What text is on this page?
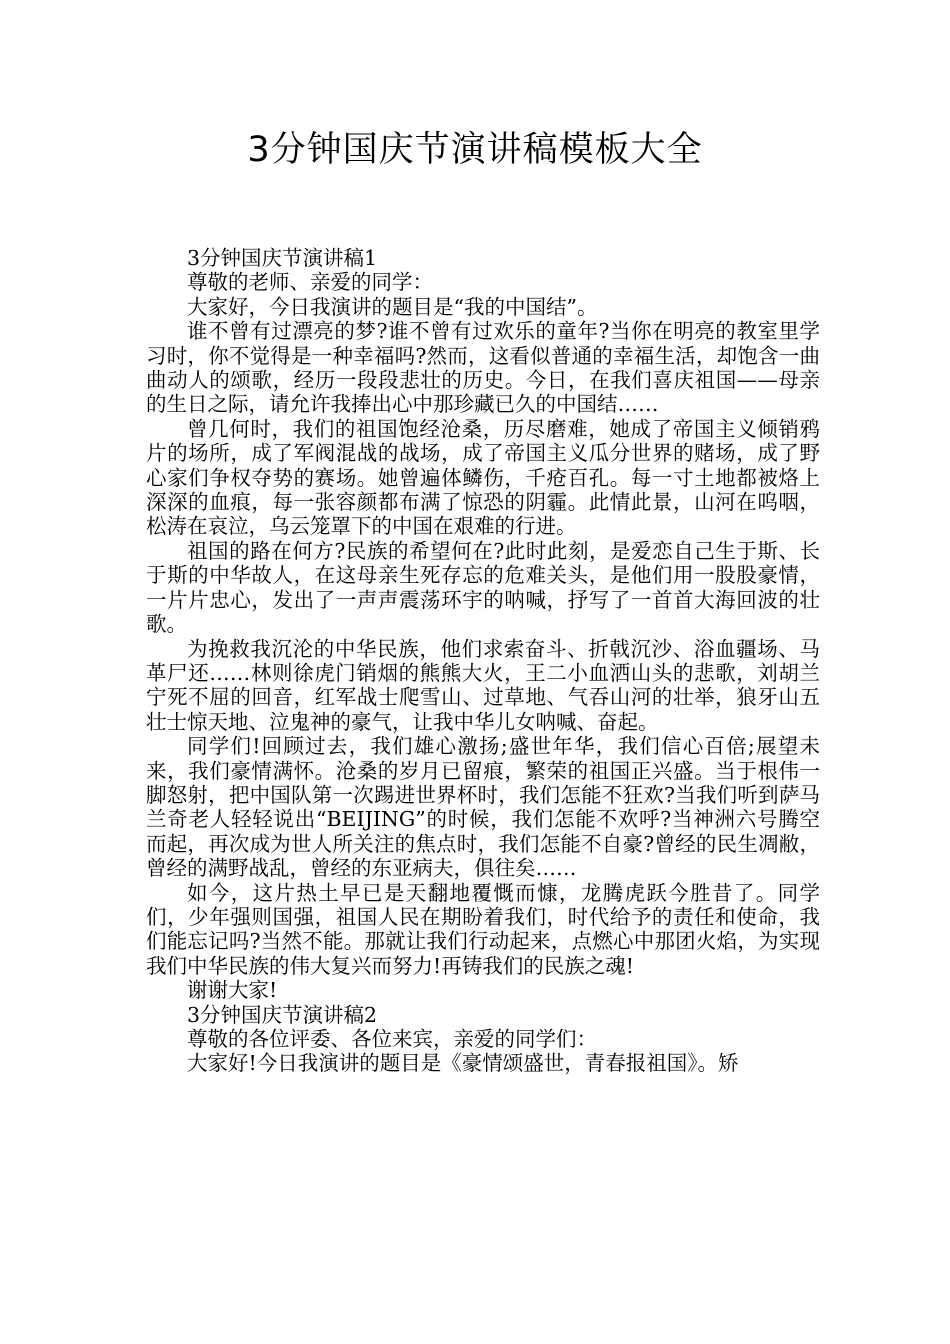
3分钟国庆节演讲稿模板大全

3分钟国庆节演讲稿1

尊敬的老师、亲爱的同学：

大家好，今日我演讲的题目是“我的中国结”。

谁不曾有过漂亮的梦?谁不曾有过欢乐的童年?当你在明亮的教室里学习时，你不觉得是一种幸福吗?然而，这看似普通的幸福生活，却饱含一曲曲动人的颂歌，经历一段段悲壮的历史。今日，在我们喜庆祖国——母亲的生日之际，请允许我捧出心中那珍藏已久的中国结……

曾几何时，我们的祖国饱经沧桑，历尽磨难，她成了帝国主义倾销鸦片的场所，成了军阀混战的战场，成了帝国主义瓜分世界的赌场，成了野心家们争权夺势的赛场。她曾遍体鳞伤，千疮百孔。每一寸土地都被烙上深深的血痕，每一张容颜都布满了惊恐的阴霾。此情此景，山河在呜咽，松涛在哀泣，乌云笼罩下的中国在艰难的行进。

祖国的路在何方?民族的希望何在?此时此刻，是爱恋自己生于斯、长于斯的中华故人，在这母亲生死存忘的危难关头，是他们用一股股豪情，一片片忠心，发出了一声声震荡环宇的呐喊，抒写了一首首大海回波的壮歌。

为挽救我沉沦的中华民族，他们求索奋斗、折戟沉沙、浴血疆场、马革尸还……林则徐虎门销烟的熊熊大火，王二小血洒山头的悲歌，刘胡兰宁死不屈的回音，红军战士爬雪山、过草地、气吞山河的壮举，狼牙山五壮士惊天地、泣鬼神的豪气，让我中华儿女呐喊、奋起。

同学们!回顾过去，我们雄心激扬;盛世年华，我们信心百倍;展望未来，我们豪情满怀。沧桑的岁月已留痕，繁荣的祖国正兴盛。当于根伟一脚怒射，把中国队第一次踢进世界杯时，我们怎能不狂欢?当我们听到萨马兰奇老人轻轻说出“BEIJING”的时候，我们怎能不欢呼?当神洲六号腾空而起，再次成为世人所关注的焦点时，我们怎能不自豪?曾经的民生凋敝，曾经的满野战乱，曾经的东亚病夫，俱往矣……

如今，这片热土早已是天翻地覆慨而慷，龙腾虎跃今胜昔了。同学们，少年强则国强，祖国人民在期盼着我们，时代给予的责任和使命，我们能忘记吗?当然不能。那就让我们行动起来，点燃心中那团火焰，为实现我们中华民族的伟大复兴而努力!再铸我们的民族之魂!

谢谢大家!

3分钟国庆节演讲稿2

尊敬的各位评委、各位来宾，亲爱的同学们：

大家好!今日我演讲的题目是《豪情颂盛世，青春报祖国》。矫
